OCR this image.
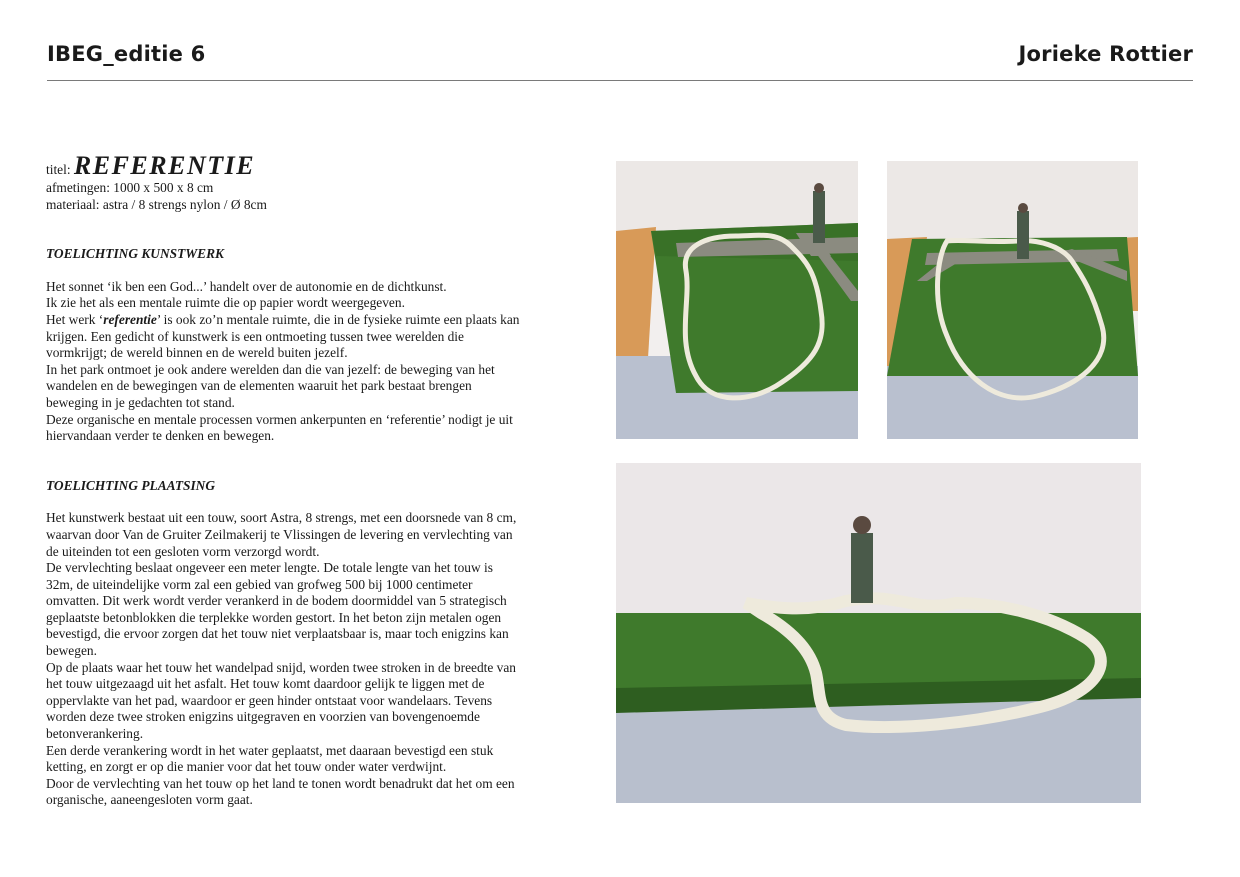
IBEG_editie 6	Jorieke Rottier
titel: REFERENTIE
afmetingen: 1000 x 500 x 8 cm
materiaal: astra / 8 strengs nylon / Ø 8cm
TOELICHTING KUNSTWERK

Het sonnet ‘ik ben een God...’ handelt over de autonomie en de dichtkunst.

Ik zie het als een mentale ruimte die op papier wordt weergegeven.

Het werk ‘referentie’ is ook zo’n mentale ruimte, die in de fysieke ruimte een plaats kan krijgen. Een gedicht of kunstwerk is een ontmoeting tussen twee werelden die vormkrijgt; de wereld binnen en de wereld buiten jezelf.

In het park ontmoet je ook andere werelden dan die van jezelf: de beweging van het wandelen en de bewegingen van de elementen waaruit het park bestaat brengen beweging in je gedachten tot stand.

Deze organische en mentale processen vormen ankerpunten en ‘referentie’ nodigt je uit hiervandaan verder te denken en bewegen.

TOELICHTING PLAATSING

Het kunstwerk bestaat uit een touw, soort Astra, 8 strengs, met een doorsnede van 8 cm, waarvan door Van de Gruiter Zeilmakerij te Vlissingen de levering en vervlechting van de uiteinden tot een gesloten vorm verzorgd wordt.

De vervlechting beslaat ongeveer een meter lengte. De totale lengte van het touw is 32m, de uiteindelijke vorm zal een gebied van grofweg 500 bij 1000 centimeter omvatten. Dit werk wordt verder verankerd in de bodem doormiddel van 5 strategisch geplaatste betonblokken die terplekke worden gestort. In het beton zijn metalen ogen bevestigd, die ervoor zorgen dat het touw niet verplaatsbaar is, maar toch enigzins kan bewegen.

Op de plaats waar het touw het wandelpad snijd, worden twee stroken in de breedte van het touw uitgezaagd uit het asfalt. Het touw komt daardoor gelijk te liggen met de oppervlakte van het pad, waardoor er geen hinder ontstaat voor wandelaars. Tevens worden deze twee stroken enigzins uitgegraven en voorzien van bovengenoemde betonverankering.

Een derde verankering wordt in het water geplaatst, met daaraan bevestigd een stuk ketting, en zorgt er op die manier voor dat het touw onder water verdwijnt.

Door de vervlechting van het touw op het land te tonen wordt benadrukt dat het om een organische, aaneengesloten vorm gaat.
